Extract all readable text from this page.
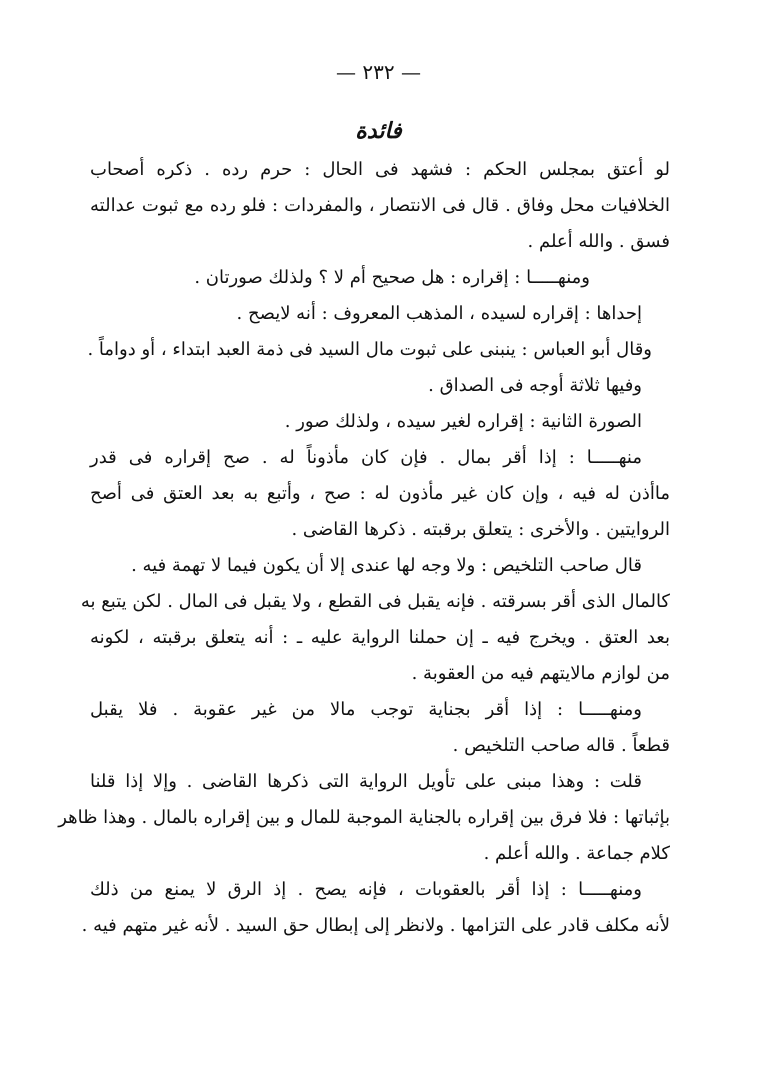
— ٢٣٢ —
فائدة
لو أعتق بمجلس الحكم : فشهد فى الحال : حرم رده . ذكره أصحاب
الخلافيات محل وفاق . قال فى الانتصار ، والمفردات : فلو رده مع ثبوت عدالته
فسق . والله أعلم .
ومنهـــــا : إقراره : هل صحيح أم لا ؟ ولذلك صورتان .
إحداها : إقراره لسيده ، المذهب المعروف : أنه لايصح .
وقال أبو العباس : ينبنى على ثبوت مال السيد فى ذمة العبد ابتداء ، أو دواماً .
وفيها ثلاثة أوجه فى الصداق .
الصورة الثانية : إقراره لغير سيده ، ولذلك صور .
منهـــــا : إذا أقر بمال . فإن كان مأذوناً له . صح إقراره فى قدر
ماأذن له فيه ، وإن كان غير مأذون له : صح ، وأتبع به بعد العتق فى أصح
الروايتين . والأخرى : يتعلق برقبته . ذكرها القاضى .
قال صاحب التلخيص : ولا وجه لها عندى إلا أن يكون فيما لا تهمة فيه .
كالمال الذى أقر بسرقته . فإنه يقبل فى القطع ، ولا يقبل فى المال . لكن يتبع به
بعد العتق . ويخرج فيه ـ إن حملنا الرواية عليه ـ : أنه يتعلق برقبته ، لكونه
من لوازم مالايتهم فيه من العقوبة .
ومنهـــــا : إذا أقر بجناية توجب مالا من غير عقوبة . فلا يقبل
قطعاً . قاله صاحب التلخيص .
قلت : وهذا مبنى على تأويل الرواية التى ذكرها القاضى . وإلا إذا قلنا
بإثباتها : فلا فرق بين إقراره بالجناية الموجبة للمال و بين إقراره بالمال . وهذا ظاهر
كلام جماعة . والله أعلم .
ومنهـــــا : إذا أقر بالعقوبات ، فإنه يصح . إذ الرق لا يمنع من ذلك
لأنه مكلف قادر على التزامها . ولانظر إلى إبطال حق السيد . لأنه غير متهم فيه .
